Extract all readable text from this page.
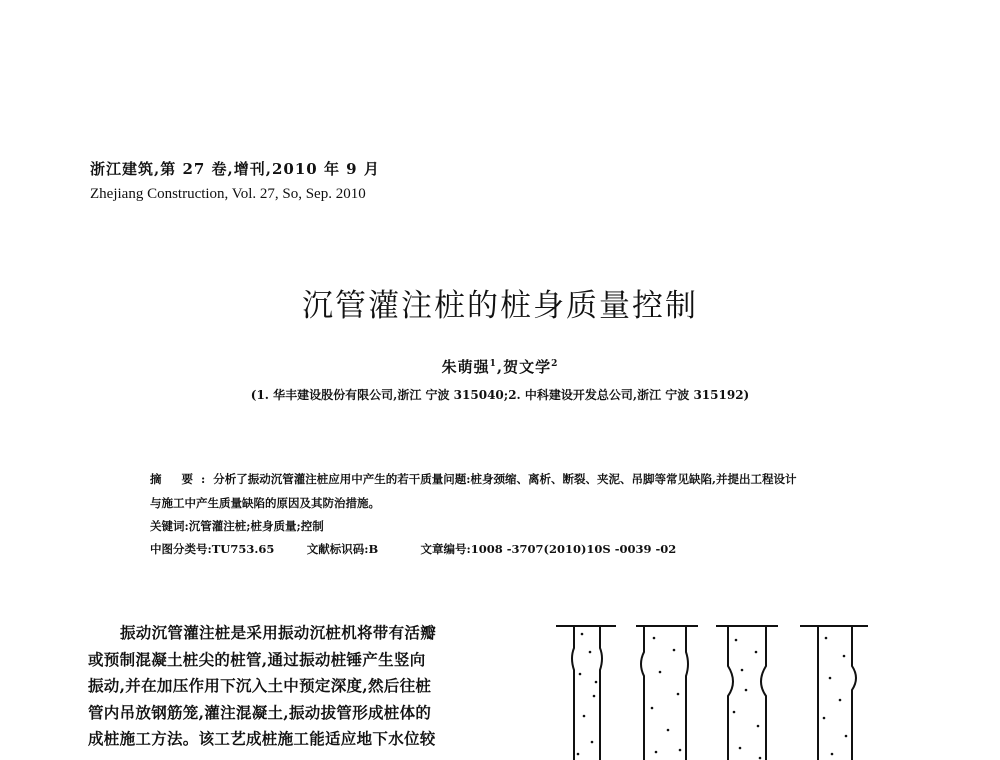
浙江建筑,第 27 卷,增刊,2010 年 9 月
Zhejiang Construction, Vol. 27, So, Sep. 2010
沉管灌注桩的桩身质量控制
朱萌强$^1$,贺文学$^2$
(1. 华丰建设股份有限公司,浙江 宁波 315040;2. 中科建设开发总公司,浙江 宁波 315192)
摘 要:分析了振动沉管灌注桩应用中产生的若干质量问题:桩身颈缩、离析、断裂、夹泥、吊脚等常见缺陷,并提出工程设计
与施工中产生质量缺陷的原因及其防治措施。
关键词:沉管灌注桩;桩身质量;控制
中图分类号:TU753.65	文献标识码:B	文章编号:1008 -3707(2010)10S -0039 -02

振动沉管灌注桩是采用振动沉桩机将带有活瓣

或预制混凝土桩尖的桩管,通过振动桩锤产生竖向

振动,并在加压作用下沉入土中预定深度,然后往桩

管内吊放钢筋笼,灌注混凝土,振动拔管形成桩体的

成桩施工方法。该工艺成桩施工能适应地下水位较
